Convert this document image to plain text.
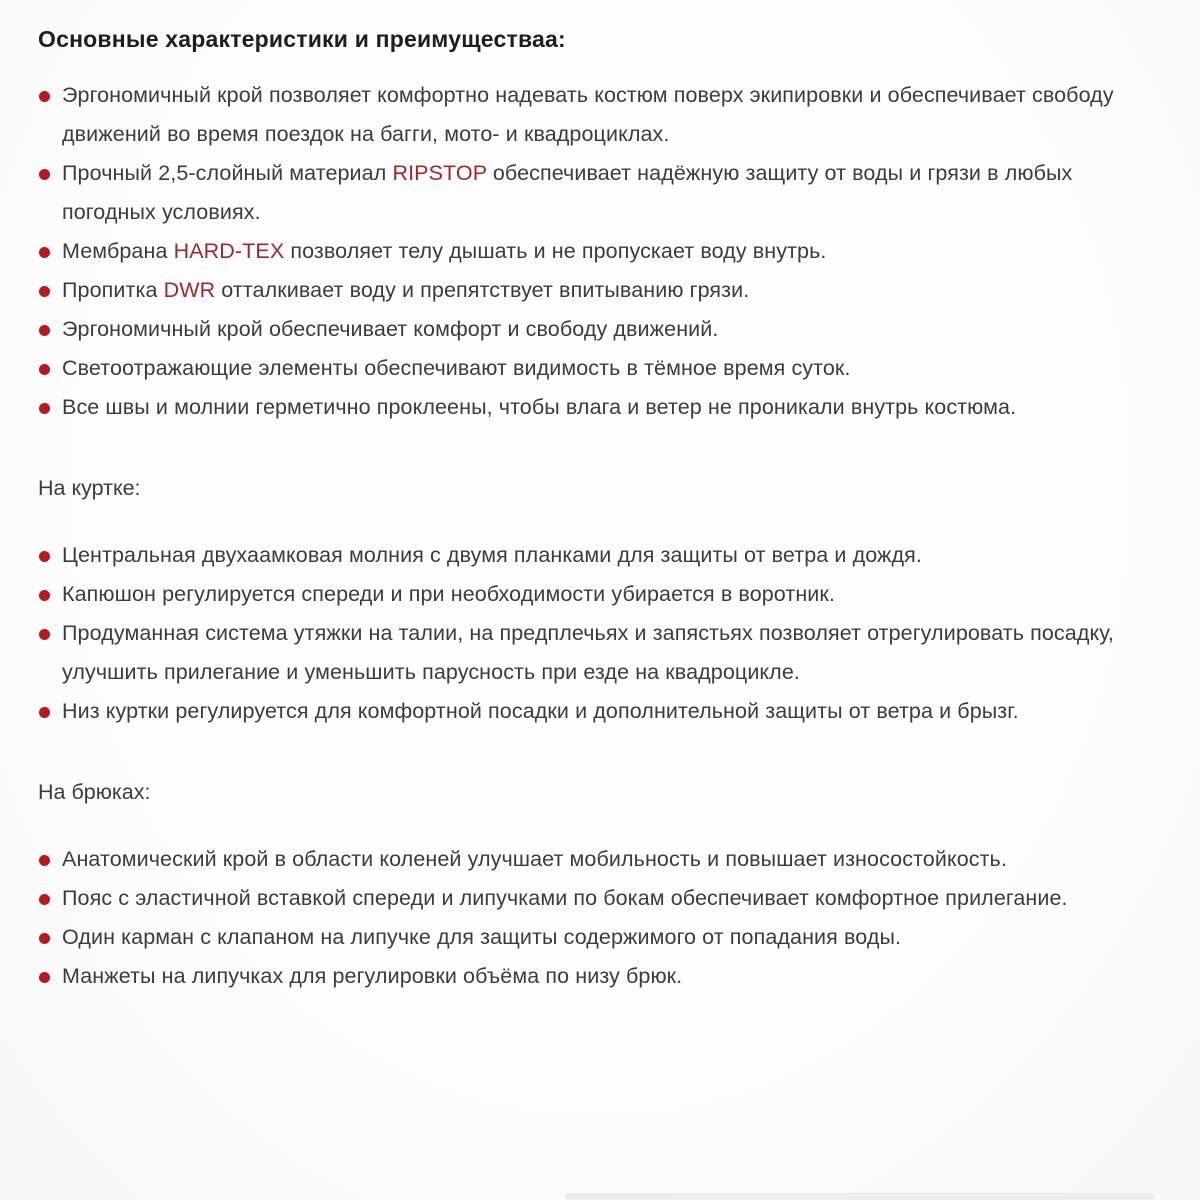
Основные характеристики и преимуществаа:
Эргономичный крой позволяет комфортно надевать костюм поверх экипировки и обеспечивает свободу движений во время поездок на багги, мото- и квадроциклах.
Прочный 2,5-слойный материал RIPSTOP обеспечивает надёжную защиту от воды и грязи в любых погодных условиях.
Мембрана HARD-TEX позволяет телу дышать и не пропускает воду внутрь.
Пропитка DWR отталкивает воду и препятствует впитыванию грязи.
Эргономичный крой обеспечивает комфорт и свободу движений.
Светоотражающие элементы обеспечивают видимость в тёмное время суток.
Все швы и молнии герметично проклеены, чтобы влага и ветер не проникали внутрь костюма.
На куртке:
Центральная двухаамковая молния с двумя планками для защиты от ветра и дождя.
Капюшон регулируется спереди и при необходимости убирается в воротник.
Продуманная система утяжки на талии, на предплечьях и запястьях позволяет отрегулировать посадку, улучшить прилегание и уменьшить парусность при езде на квадроцикле.
Низ куртки регулируется для комфортной посадки и дополнительной защиты от ветра и брызг.
На брюках:
Анатомический крой в области коленей улучшает мобильность и повышает износостойкость.
Пояс с эластичной вставкой спереди и липучками по бокам обеспечивает комфортное прилегание.
Один карман с клапаном на липучке для защиты содержимого от попадания воды.
Манжеты на липучках для регулировки объёма по низу брюк.
